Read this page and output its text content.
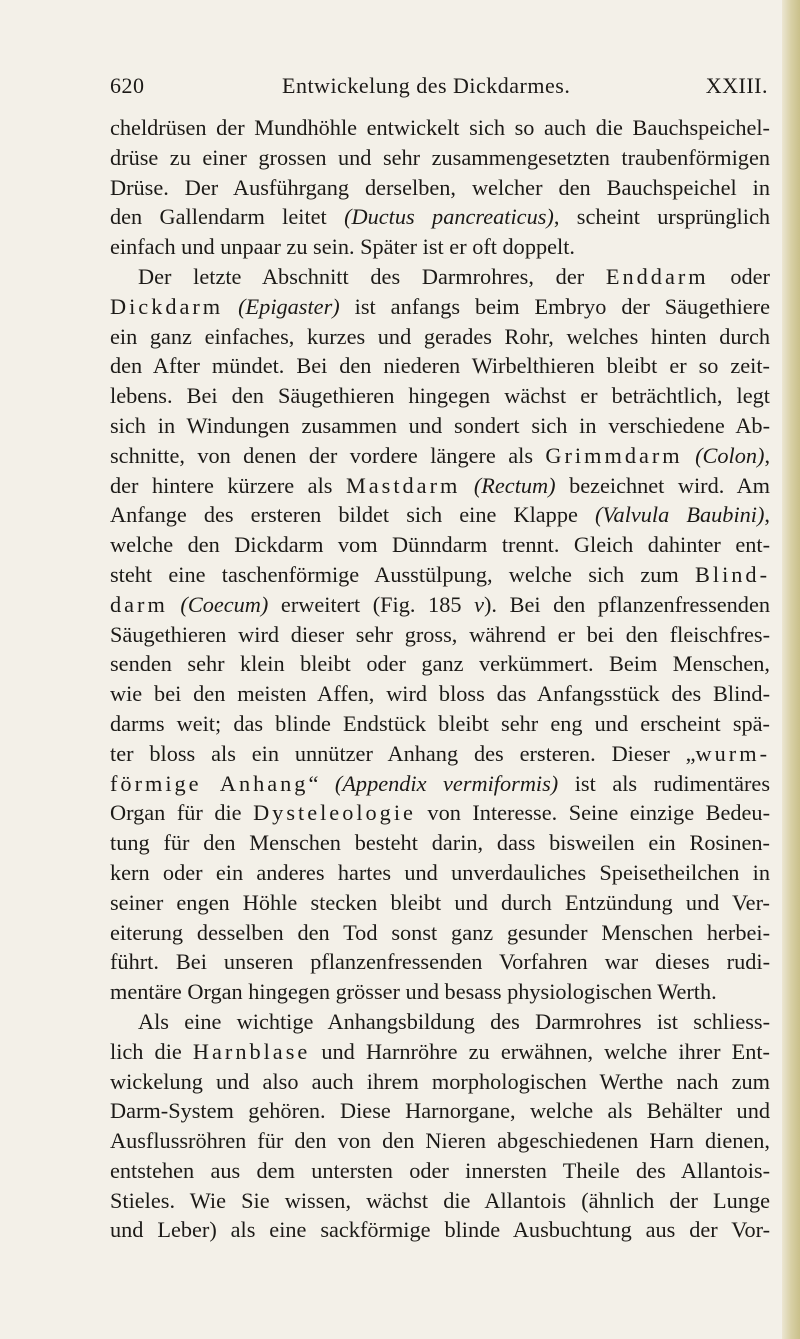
620	Entwickelung des Dickdarmes.	XXIII.
cheldrüsen der Mundhöhle entwickelt sich so auch die Bauchspeichel-
drüse zu einer grossen und sehr zusammengesetzten traubenförmigen
Drüse. Der Ausführgang derselben, welcher den Bauchspeichel in
den Gallendarm leitet (Ductus pancreaticus), scheint ursprünglich
einfach und unpaar zu sein. Später ist er oft doppelt.
Der letzte Abschnitt des Darmrohres, der Enddarm oder
Dickdarm (Epigaster) ist anfangs beim Embryo der Säugethiere
ein ganz einfaches, kurzes und gerades Rohr, welches hinten durch
den After mündet. Bei den niederen Wirbelthieren bleibt er so zeit-
lebens. Bei den Säugethieren hingegen wächst er beträchtlich, legt
sich in Windungen zusammen und sondert sich in verschiedene Ab-
schnitte, von denen der vordere längere als Grimmdarm (Colon),
der hintere kürzere als Mastdarm (Rectum) bezeichnet wird. Am
Anfange des ersteren bildet sich eine Klappe (Valvula Baubini),
welche den Dickdarm vom Dünndarm trennt. Gleich dahinter ent-
steht eine taschenförmige Ausstülpung, welche sich zum Blind-
darm (Coecum) erweitert (Fig. 185 v). Bei den pflanzenfressenden
Säugethieren wird dieser sehr gross, während er bei den fleischfres-
senden sehr klein bleibt oder ganz verkümmert. Beim Menschen,
wie bei den meisten Affen, wird bloss das Anfangsstück des Blind-
darms weit; das blinde Endstück bleibt sehr eng und erscheint spä-
ter bloss als ein unnützer Anhang des ersteren. Dieser „wurm-
förmige Anhang“ (Appendix vermiformis) ist als rudimentäres
Organ für die Dysteleologie von Interesse. Seine einzige Bedeu-
tung für den Menschen besteht darin, dass bisweilen ein Rosinen-
kern oder ein anderes hartes und unverdauliches Speisetheilchen in
seiner engen Höhle stecken bleibt und durch Entzündung und Ver-
eiterung desselben den Tod sonst ganz gesunder Menschen herbei-
führt. Bei unseren pflanzenfressenden Vorfahren war dieses rudi-
mentäre Organ hingegen grösser und besass physiologischen Werth.
Als eine wichtige Anhangsbildung des Darmrohres ist schliess-
lich die Harnblase und Harnröhre zu erwähnen, welche ihrer Ent-
wickelung und also auch ihrem morphologischen Werthe nach zum
Darm-System gehören. Diese Harnorgane, welche als Behälter und
Ausflussröhren für den von den Nieren abgeschiedenen Harn dienen,
entstehen aus dem untersten oder innersten Theile des Allantois-
Stieles. Wie Sie wissen, wächst die Allantois (ähnlich der Lunge
und Leber) als eine sackförmige blinde Ausbuchtung aus der Vor-
